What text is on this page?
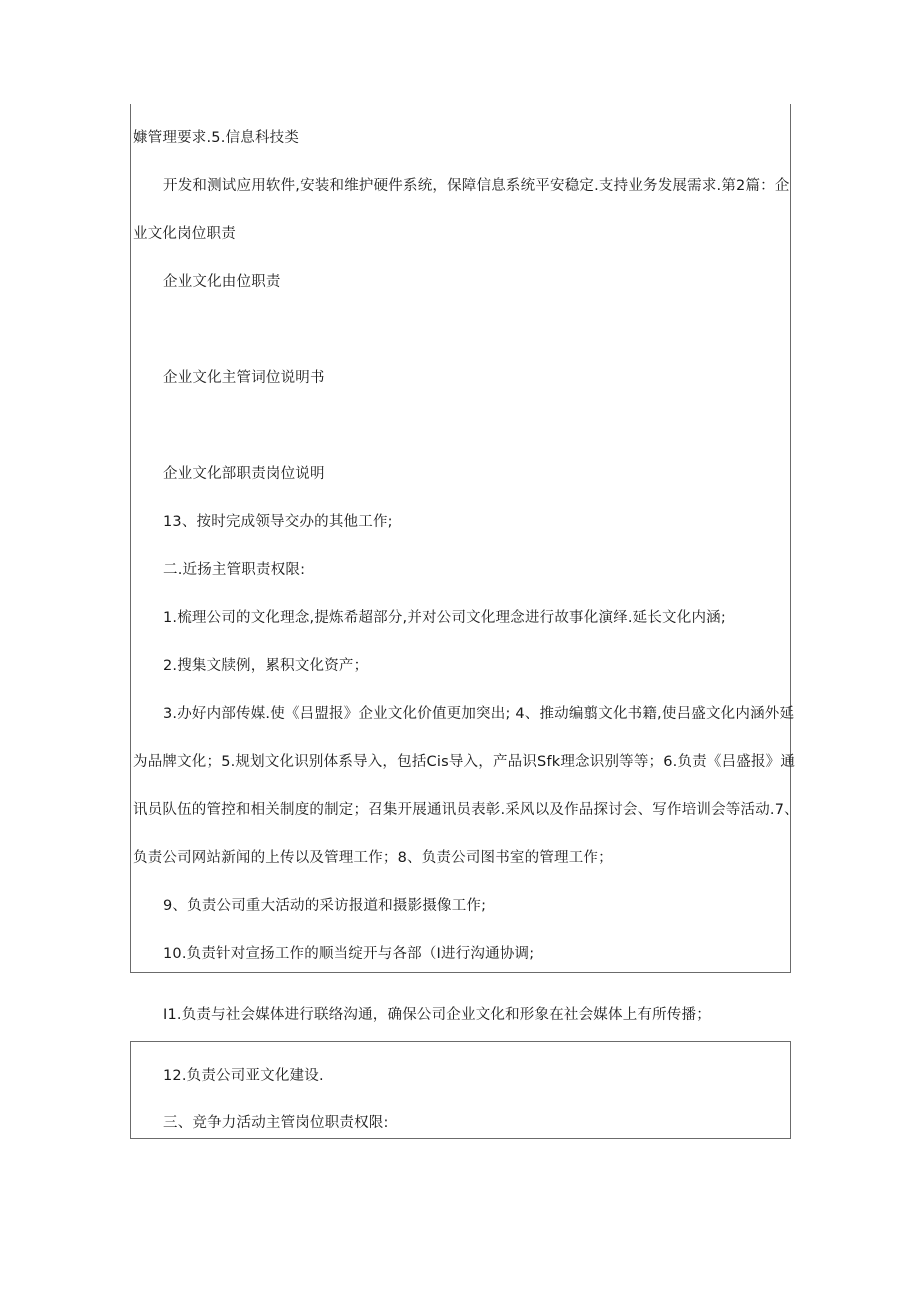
嫝管理要求.5.信息科技类

开发和测试应用软件,安装和维护硬件系统，保障信息系统平安稳定.支持业务发展需求.第2篇：企

业文化岗位职责

企业文化由位职责

企业文化主管词位说明书

企业文化部职责岗位说明

13、按时完成领导交办的其他工作;

二.近扬主管职责权限:

1.梳理公司的文化理念,提炼希超部分,并对公司文化理念进行故事化演绎.延长文化内涵;

2.搜集文牍例，累积文化资产；

3.办好内部传媒.使《吕盟报》企业文化价值更加突出; 4、推动编翦文化书籍,使吕盛文化内涵外延

为品牌文化；5.规划文化识别体系导入，包括Cis导入，产品识Sfk理念识别等等；6.负责《吕盛报》通

讯员队伍的管控和相关制度的制定；召集开展通讯员表彰.采风以及作品探讨会、写作培训会等活动.7、

负责公司网站新闻的上传以及管理工作；8、负责公司图书室的管理工作；

9、负责公司重大活动的采访报道和摄影摄像工作;

10.负责针对宣扬工作的顺当绽开与各部（I进行沟通协调;

I1.负责与社会媒体进行联络沟通，确保公司企业文化和形象在社会媒体上有所传播；

12.负责公司亚文化建设.

三、竞争力活动主管岗位职责权限:
